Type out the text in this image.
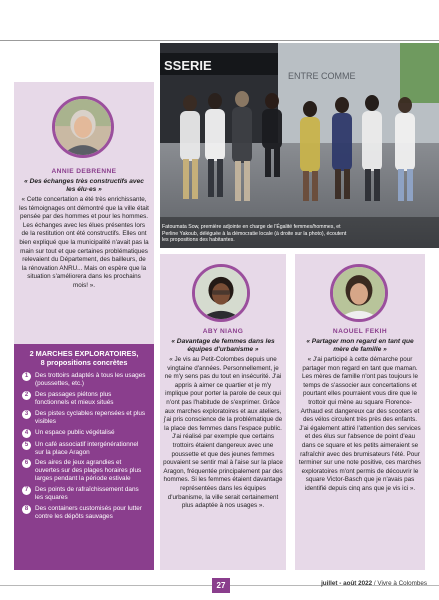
ANNIE DEBRENNE
« Des échanges très constructifs avec les élu·es »
« Cette concertation a été très enrichissante, les témoignages ont démontré que la ville était pensée par des hommes et pour les hommes. Les échanges avec les élues présentes lors de la restitution ont été constructifs. Elles ont bien expliqué que la municipalité n'avait pas la main sur tout et que certaines problématiques relevaient du Département, des bailleurs, de la rénovation ANRU... Mais on espère que la situation s'améliorera dans les prochains mois! ».
2 MARCHES EXPLORATOIRES,
8 propositions concrètes
1	Des trottoirs adaptés à tous les usages (poussettes, etc.)
2	Des passages piétons plus fonctionnels et mieux situés
3	Des pistes cyclables repensées et plus visibles
4	Un espace public végétalisé
5	Un café associatif intergénérationnel sur la place Aragon
6	Des aires de jeux agrandies et ouvertes sur des plages horaires plus larges pendant la période estivale
7	Des points de rafraîchissement dans les squares
8	Des containers customisés pour lutter contre les dépôts sauvages
SSERIE
ENTRE COMME
Fatoumata Sow, première adjointe en charge de l'Égalité femmes/hommes, et Perline Yakoub, déléguée à la démocratie locale (à droite sur la photo), écoutent les propositions des habitantes.
ABY NIANG
« Davantage de femmes dans les équipes d'urbanisme »
« Je vis au Petit-Colombes depuis une vingtaine d'années. Personnellement, je ne m'y sens pas du tout en insécurité. J'ai appris à aimer ce quartier et je m'y implique pour porter la parole de ceux qui n'ont pas l'habitude de s'exprimer. Grâce aux marches exploratoires et aux ateliers, j'ai pris conscience de la problématique de la place des femmes dans l'espace public. J'ai réalisé par exemple que certains trottoirs étaient dangereux avec une poussette et que des jeunes femmes pouvaient se sentir mal à l'aise sur la place Aragon, fréquentée principalement par des hommes. Si les femmes étaient davantage représentées dans les équipes d'urbanisme, la ville serait certainement plus adaptée à nos usages ».
NAOUEL FEKIH
« Partager mon regard en tant que mère de famille »
« J'ai participé à cette démarche pour partager mon regard en tant que maman. Les mères de famille n'ont pas toujours le temps de s'associer aux concertations et pourtant elles pourraient vous dire que le trottoir qui mène au square Florence-Arthaud est dangereux car des scooters et des vélos circulent très près des enfants. J'ai également attiré l'attention des services et des élus sur l'absence de point d'eau dans ce square et les petits aimeraient se rafraîchir avec des brumisateurs l'été. Pour terminer sur une note positive, ces marches exploratoires m'ont permis de découvrir le square Victor-Basch que je n'avais pas identifié depuis cinq ans que je vis ici ».
27	juillet - août 2022 / Vivre à Colombes
